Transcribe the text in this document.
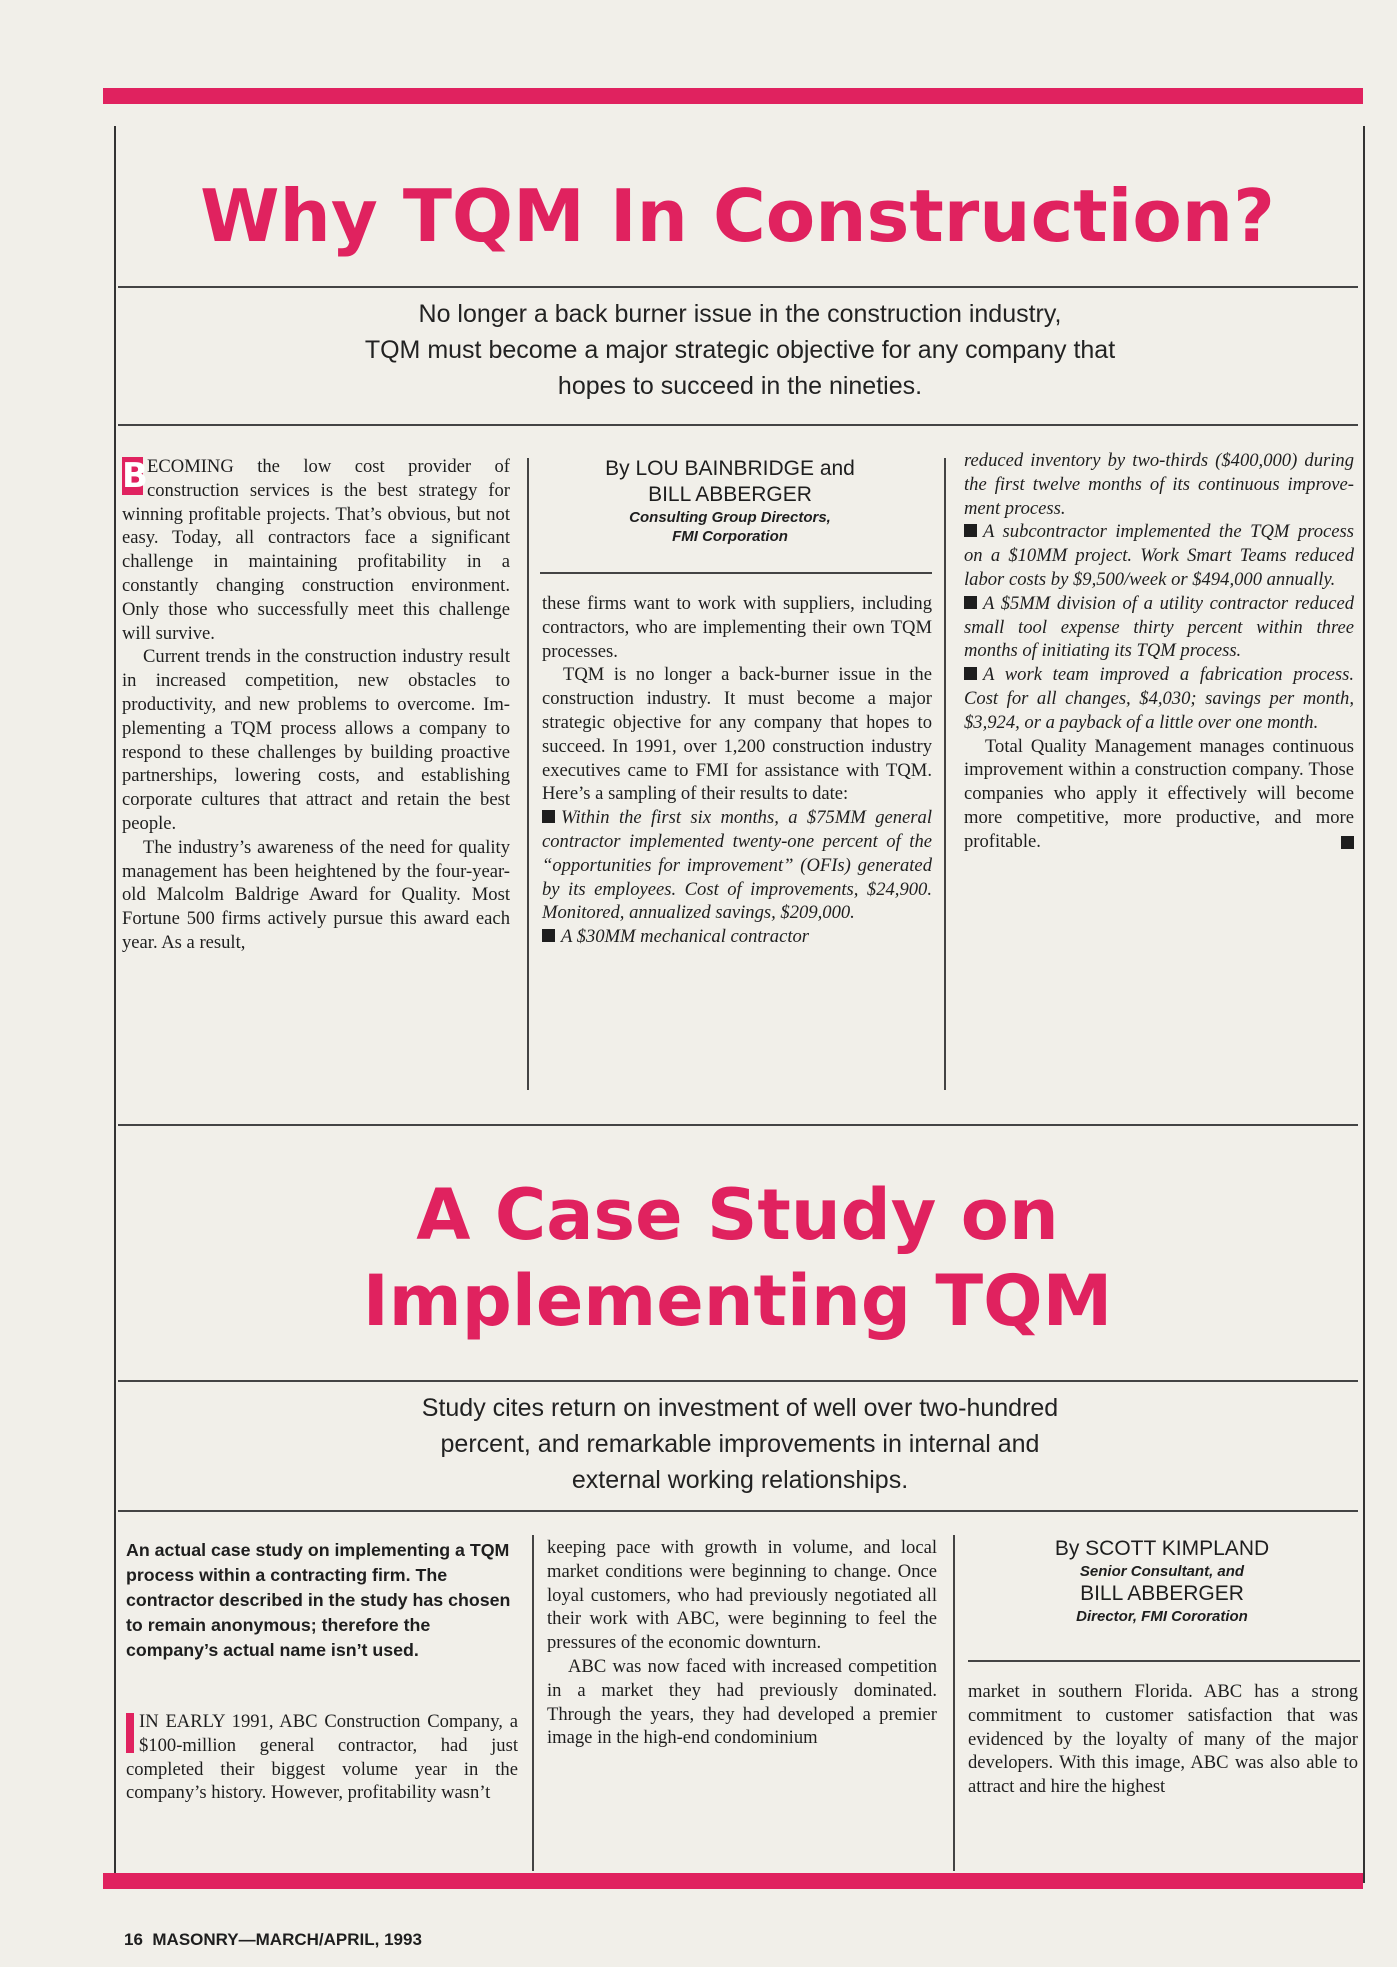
Why TQM In Construction?
No longer a back burner issue in the construction industry,
TQM must become a major strategic objective for any company that
hopes to succeed in the nineties.

B ECOMING the low cost provider of construction services is the best strategy for winning profitable projects. That’s obvious, but not easy. Today, all contractors face a significant challenge in maintaining profitability in a constantly changing construction environment. Only those who successfully meet this challenge will survive.

Current trends in the construction industry result in increased competition, new obstacles to productivity, and new problems to overcome. Implementing a TQM process allows a company to respond to these challenges by building proactive partnerships, lowering costs, and establishing corporate cultures that attract and retain the best people.

The industry’s awareness of the need for quality management has been heightened by the four-year-old Malcolm Baldrige Award for Quality. Most Fortune 500 firms actively pursue this award each year. As a result,

By LOU BAINBRIDGE and
BILL ABBERGER
Consulting Group Directors,
FMI Corporation

these firms want to work with suppliers, including contractors, who are implementing their own TQM processes.

TQM is no longer a back-burner issue in the construction industry. It must become a major strategic objective for any company that hopes to succeed. In 1991, over 1,200 construction industry executives came to FMI for assistance with TQM. Here’s a sampling of their results to date:

Within the first six months, a $75MM general contractor implemented twenty-one percent of the “opportunities for improvement” (OFIs) generated by its employees. Cost of improvements, $24,900. Monitored, annualized savings, $209,000.

A $30MM mechanical contractor

reduced inventory by two-thirds ($400,000) during the first twelve months of its continuous improvement process.

A subcontractor implemented the TQM process on a $10MM project. Work Smart Teams reduced labor costs by $9,500/week or $494,000 annually.

A $5MM division of a utility contractor reduced small tool expense thirty percent within three months of initiating its TQM process.

A work team improved a fabrication process. Cost for all changes, $4,030; savings per month, $3,924, or a payback of a little over one month.

Total Quality Management manages continuous improvement within a construction company. Those companies who apply it effectively will become more competitive, more productive, and more profitable.

A Case Study on
Implementing TQM
Study cites return on investment of well over two-hundred
percent, and remarkable improvements in internal and
external working relationships.
An actual case study on implementing a TQM process within a contracting firm. The contractor described in the study has chosen to remain anonymous; therefore the company’s actual name isn’t used.

IN EARLY 1991, ABC Construction Company, a $100-million general contractor, had just completed their biggest volume year in the company’s history. However, profitability wasn’t

keeping pace with growth in volume, and local market conditions were beginning to change. Once loyal customers, who had previously negotiated all their work with ABC, were beginning to feel the pressures of the economic downturn.

ABC was now faced with increased competition in a market they had previously dominated. Through the years, they had developed a premier image in the high-end condominium

By SCOTT KIMPLAND
Senior Consultant, and
BILL ABBERGER
Director, FMI Cororation

market in southern Florida. ABC has a strong commitment to customer satisfaction that was evidenced by the loyalty of many of the major developers. With this image, ABC was also able to attract and hire the highest

16 MASONRY—MARCH/APRIL, 1993
